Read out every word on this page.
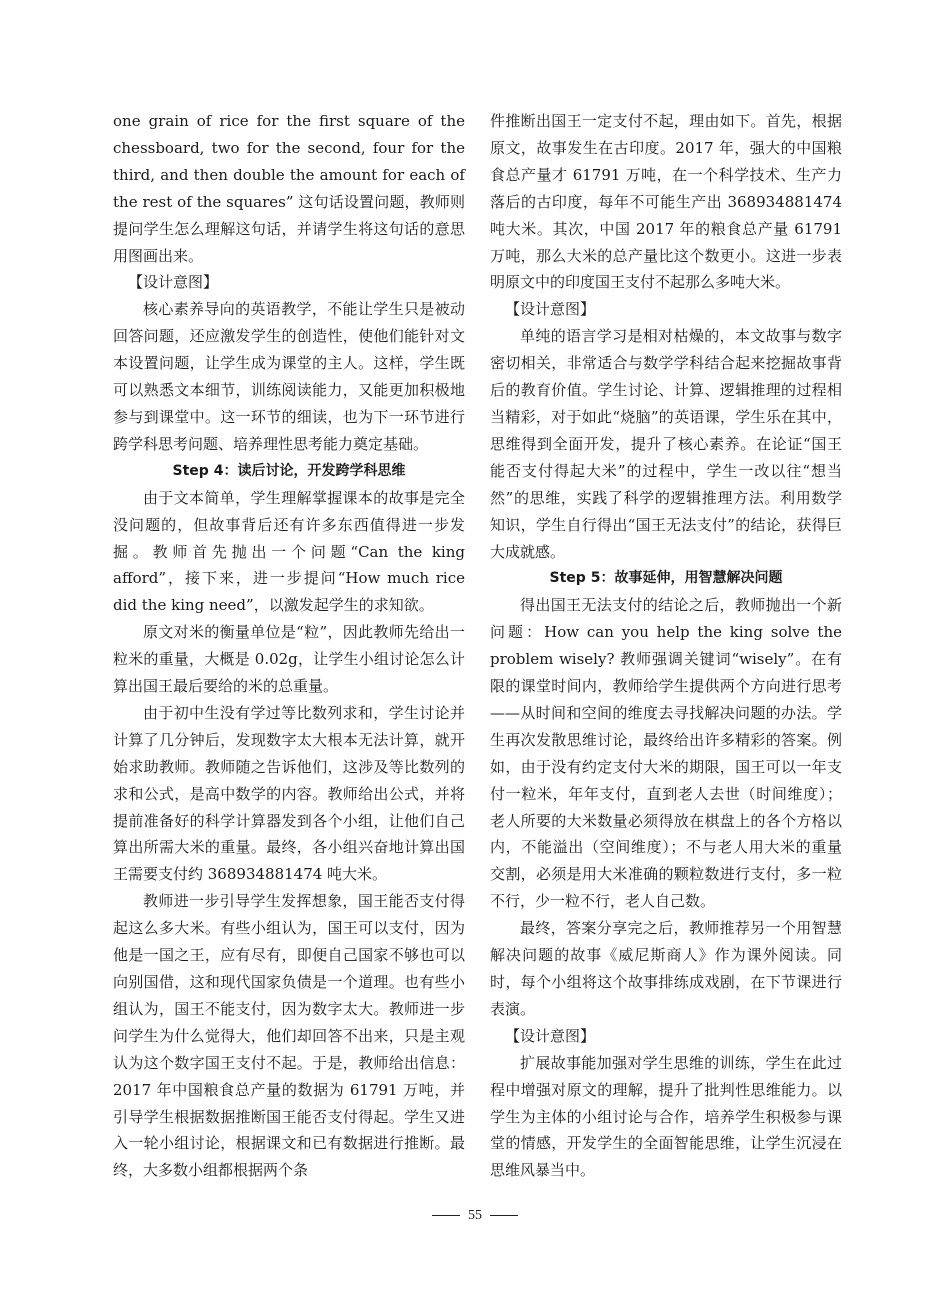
one grain of rice for the first square of the chessboard, two for the second, four for the third, and then double the amount for each of the rest of the squares” 这句话设置问题，教师则提问学生怎么理解这句话，并请学生将这句话的意思用图画出来。

【设计意图】

核心素养导向的英语教学，不能让学生只是被动回答问题，还应激发学生的创造性，使他们能针对文本设置问题，让学生成为课堂的主人。这样，学生既可以熟悉文本细节，训练阅读能力，又能更加积极地参与到课堂中。这一环节的细读，也为下一环节进行跨学科思考问题、培养理性思考能力奠定基础。

Step 4：读后讨论，开发跨学科思维

由于文本简单，学生理解掌握课本的故事是完全没问题的，但故事背后还有许多东西值得进一步发掘。教师首先抛出一个问题“Can the king afford”，接下来，进一步提问“How much rice did the king need”，以激发起学生的求知欲。

原文对米的衡量单位是“粒”，因此教师先给出一粒米的重量，大概是 0.02g，让学生小组讨论怎么计算出国王最后要给的米的总重量。

由于初中生没有学过等比数列求和，学生讨论并计算了几分钟后，发现数字太大根本无法计算，就开始求助教师。教师随之告诉他们，这涉及等比数列的求和公式，是高中数学的内容。教师给出公式，并将提前准备好的科学计算器发到各个小组，让他们自己算出所需大米的重量。最终，各小组兴奋地计算出国王需要支付约 368934881474 吨大米。

教师进一步引导学生发挥想象，国王能否支付得起这么多大米。有些小组认为，国王可以支付，因为他是一国之王，应有尽有，即便自己国家不够也可以向别国借，这和现代国家负债是一个道理。也有些小组认为，国王不能支付，因为数字太大。教师进一步问学生为什么觉得大，他们却回答不出来，只是主观认为这个数字国王支付不起。于是，教师给出信息：2017 年中国粮食总产量的数据为 61791 万吨，并引导学生根据数据推断国王能否支付得起。学生又进入一轮小组讨论，根据课文和已有数据进行推断。最终，大多数小组都根据两个条

件推断出国王一定支付不起，理由如下。首先，根据原文，故事发生在古印度。2017 年，强大的中国粮食总产量才 61791 万吨，在一个科学技术、生产力落后的古印度，每年不可能生产出 368934881474 吨大米。其次，中国 2017 年的粮食总产量 61791 万吨，那么大米的总产量比这个数更小。这进一步表明原文中的印度国王支付不起那么多吨大米。

【设计意图】

单纯的语言学习是相对枯燥的，本文故事与数字密切相关，非常适合与数学学科结合起来挖掘故事背后的教育价值。学生讨论、计算、逻辑推理的过程相当精彩，对于如此“烧脑”的英语课，学生乐在其中，思维得到全面开发，提升了核心素养。在论证“国王能否支付得起大米”的过程中，学生一改以往“想当然”的思维，实践了科学的逻辑推理方法。利用数学知识，学生自行得出“国王无法支付”的结论，获得巨大成就感。

Step 5：故事延伸，用智慧解决问题

得出国王无法支付的结论之后，教师抛出一个新问题：How can you help the king solve the problem wisely? 教师强调关键词“wisely”。在有限的课堂时间内，教师给学生提供两个方向进行思考——从时间和空间的维度去寻找解决问题的办法。学生再次发散思维讨论，最终给出许多精彩的答案。例如，由于没有约定支付大米的期限，国王可以一年支付一粒米，年年支付，直到老人去世（时间维度）；老人所要的大米数量必须得放在棋盘上的各个方格以内，不能溢出（空间维度）；不与老人用大米的重量交割，必须是用大米准确的颗粒数进行支付，多一粒不行，少一粒不行，老人自己数。

最终，答案分享完之后，教师推荐另一个用智慧解决问题的故事《威尼斯商人》作为课外阅读。同时，每个小组将这个故事排练成戏剧，在下节课进行表演。

【设计意图】

扩展故事能加强对学生思维的训练，学生在此过程中增强对原文的理解，提升了批判性思维能力。以学生为主体的小组讨论与合作，培养学生积极参与课堂的情感，开发学生的全面智能思维，让学生沉浸在思维风暴当中。

55
